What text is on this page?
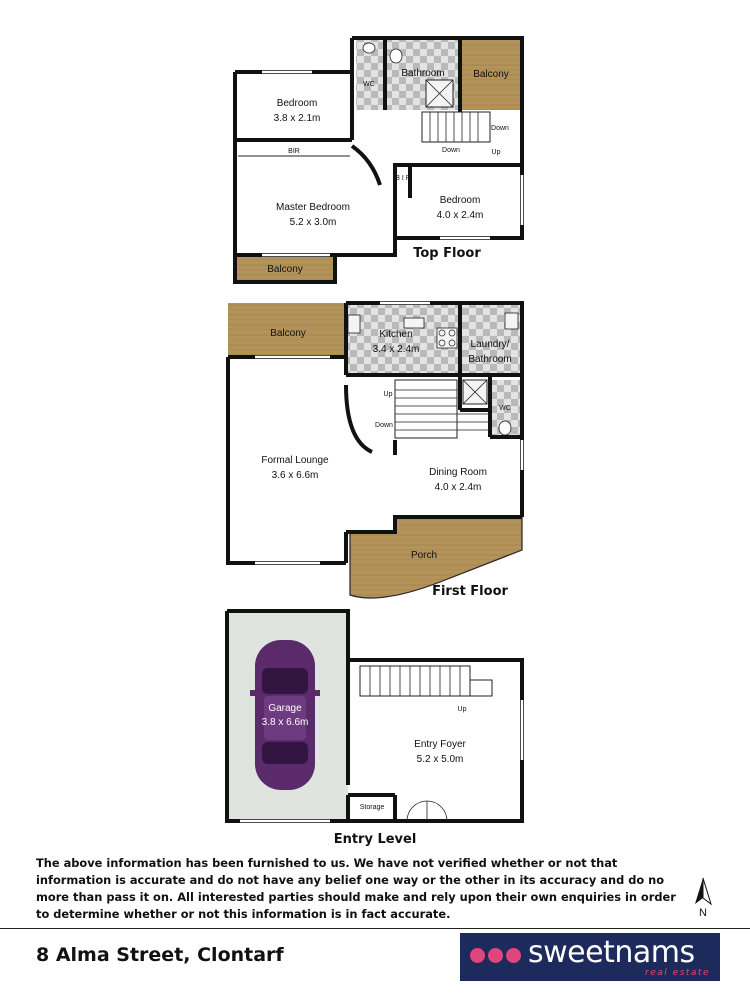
WC
Bathroom	Balcony
Bedroom
3.8 x 2.1m
BIR
Master Bedroom
5.2 x 3.0m
B I R
Bedroom
4.0 x 2.4m
Balcony
Down
Down	Up
Top Floor
Balcony	Kitchen
3.4 x 2.4m	Laundry/
Bathroom
WC
Formal Lounge
3.6 x 6.6m	Dining Room
4.0 x 2.4m
Porch
Up
Down
First Floor
Garage
3.8 x 6.6m
Entry Foyer
5.2 x 5.0m
Storage
Up
Entry Level

The above information has been furnished to us. We have not verified whether or not that information is accurate and do not have any belief one way or the other in its accuracy and do no more than pass it on. All interested parties should make and rely upon their own enquiries in order to determine whether or not this information is in fact accurate.	N
8 Alma Street, Clontarf	sweetnams
real estate
